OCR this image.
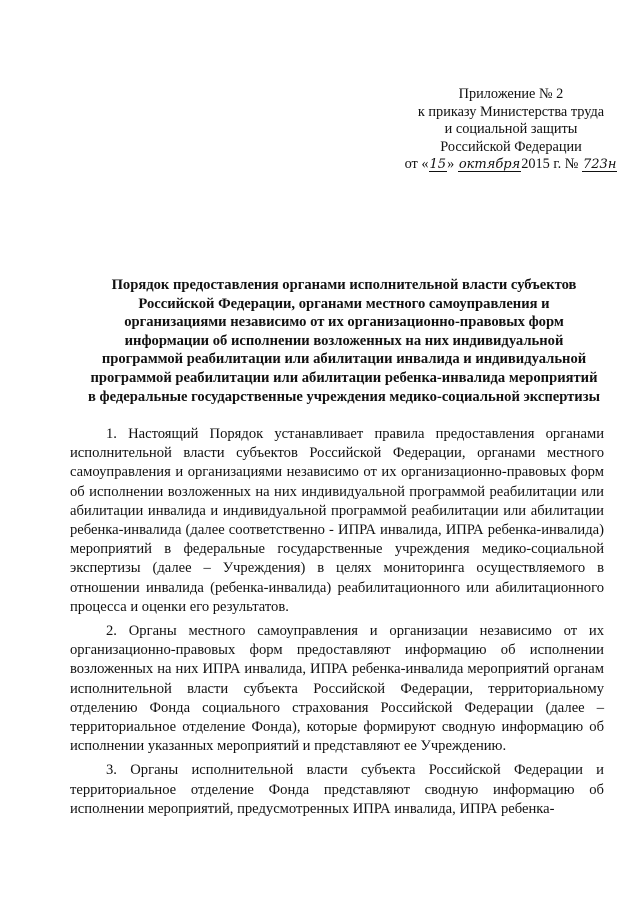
Приложение № 2
к приказу Министерства труда
и социальной защиты
Российской Федерации
от «15» октября2015 г. № 723н
Порядок предоставления органами исполнительной власти субъектов
Российской Федерации, органами местного самоуправления и
организациями независимо от их организационно-правовых форм
информации об исполнении возложенных на них индивидуальной
программой реабилитации или абилитации инвалида и индивидуальной
программой реабилитации или абилитации ребенка-инвалида мероприятий
в федеральные государственные учреждения медико-социальной экспертизы

1. Настоящий Порядок устанавливает правила предоставления органами исполнительной власти субъектов Российской Федерации, органами местного самоуправления и организациями независимо от их организационно-правовых форм об исполнении возложенных на них индивидуальной программой реабилитации или абилитации инвалида и индивидуальной программой реабилитации или абилитации ребенка-инвалида (далее соответственно - ИПРА инвалида, ИПРА ребенка-инвалида) мероприятий в федеральные государственные учреждения медико-социальной экспертизы (далее – Учреждения) в целях мониторинга осуществляемого в отношении инвалида (ребенка-инвалида) реабилитационного или абилитационного процесса и оценки его результатов.

2. Органы местного самоуправления и организации независимо от их организационно-правовых форм предоставляют информацию об исполнении возложенных на них ИПРА инвалида, ИПРА ребенка-инвалида мероприятий органам исполнительной власти субъекта Российской Федерации, территориальному отделению Фонда социального страхования Российской Федерации (далее – территориальное отделение Фонда), которые формируют сводную информацию об исполнении указанных мероприятий и представляют ее Учреждению.

3. Органы исполнительной власти субъекта Российской Федерации и территориальное отделение Фонда представляют сводную информацию об исполнении мероприятий, предусмотренных ИПРА инвалида, ИПРА ребенка-
